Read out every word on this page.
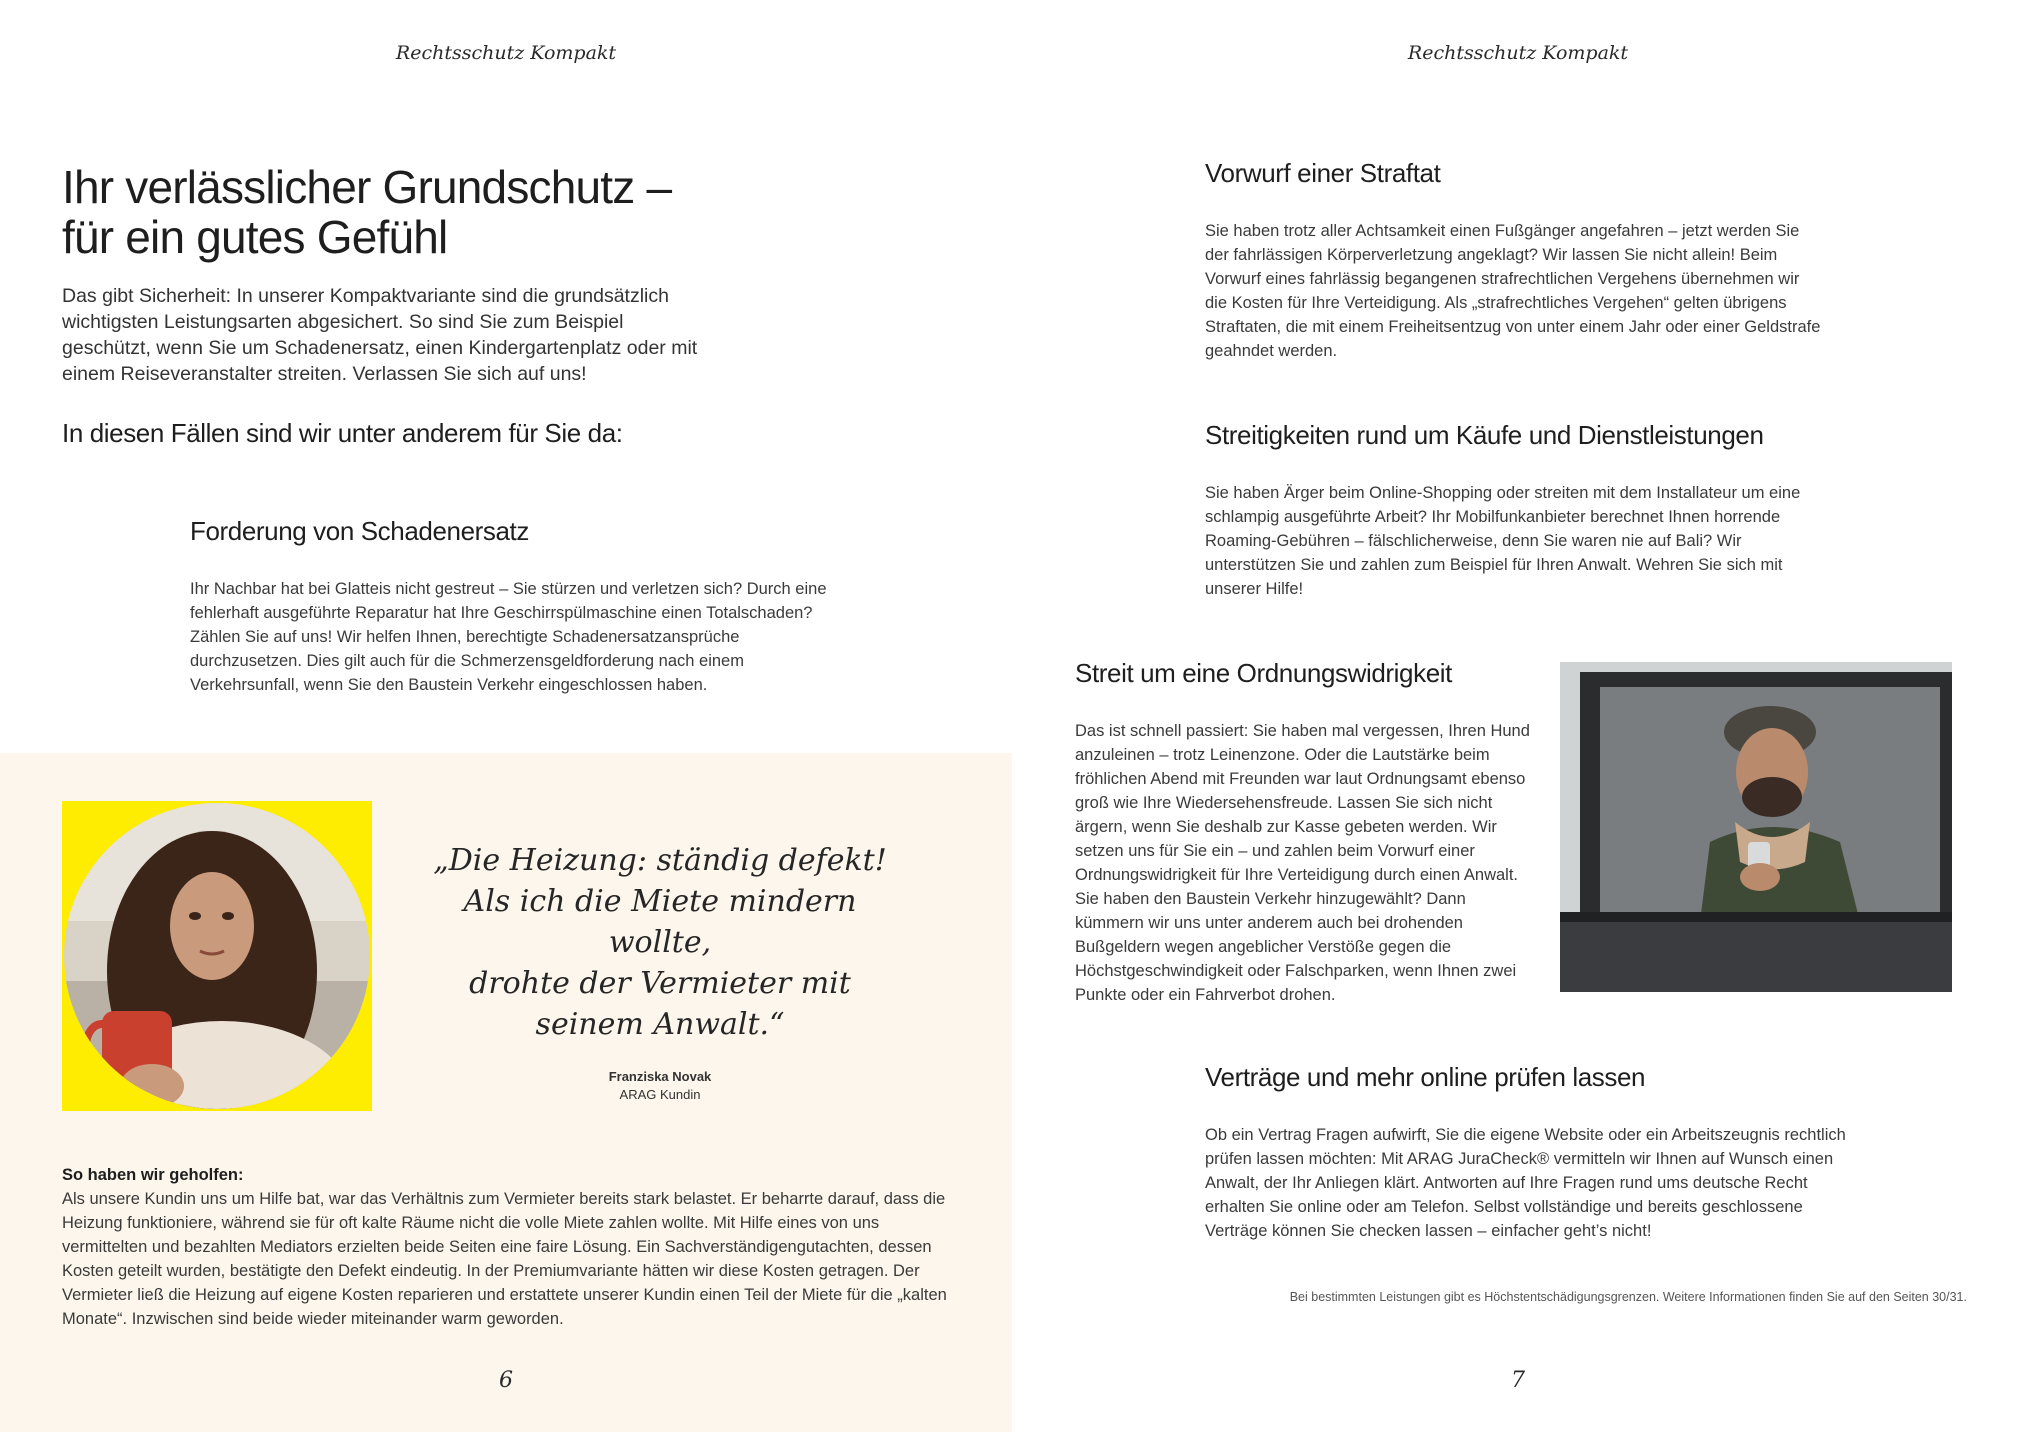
Rechtsschutz Kompakt
Ihr verlässlicher Grundschutz –
für ein gutes Gefühl

Das gibt Sicherheit: In unserer Kompaktvariante sind die grundsätzlich wichtigsten Leistungsarten abgesichert. So sind Sie zum Beispiel geschützt, wenn Sie um Schadenersatz, einen Kindergartenplatz oder mit einem Reiseveranstalter streiten. Verlassen Sie sich auf uns!

In diesen Fällen sind wir unter anderem für Sie da:
Forderung von Schadenersatz

Ihr Nachbar hat bei Glatteis nicht gestreut – Sie stürzen und verletzen sich? Durch eine fehlerhaft ausgeführte Reparatur hat Ihre Geschirrspülmaschine einen Totalschaden? Zählen Sie auf uns! Wir helfen Ihnen, berechtigte Schadenersatzansprüche durchzusetzen. Dies gilt auch für die Schmerzensgeldforderung nach einem Verkehrsunfall, wenn Sie den Baustein Verkehr eingeschlossen haben.

„Die Heizung: ständig defekt!
Als ich die Miete mindern wollte,
drohte der Vermieter mit
seinem Anwalt.“

Franziska Novak

ARAG Kundin

So haben wir geholfen:

Als unsere Kundin uns um Hilfe bat, war das Verhältnis zum Vermieter bereits stark belastet. Er beharrte darauf, dass die Heizung funktioniere, während sie für oft kalte Räume nicht die volle Miete zahlen wollte. Mit Hilfe eines von uns vermittelten und bezahlten Mediators erzielten beide Seiten eine faire Lösung. Ein Sachverständigengutachten, dessen Kosten geteilt wurden, bestätigte den Defekt eindeutig. In der Premiumvariante hätten wir diese Kosten getragen. Der Vermieter ließ die Heizung auf eigene Kosten reparieren und erstattete unserer Kundin einen Teil der Miete für die „kalten Monate“. Inzwischen sind beide wieder miteinander warm geworden.

6
Rechtsschutz Kompakt
Vorwurf einer Straftat

Sie haben trotz aller Achtsamkeit einen Fußgänger angefahren – jetzt werden Sie der fahrlässigen Körperverletzung angeklagt? Wir lassen Sie nicht allein! Beim Vorwurf eines fahrlässig begangenen strafrechtlichen Vergehens übernehmen wir die Kosten für Ihre Verteidigung. Als „strafrechtliches Vergehen“ gelten übrigens Straftaten, die mit einem Freiheitsentzug von unter einem Jahr oder einer Geldstrafe geahndet werden.

Streitigkeiten rund um Käufe und Dienstleistungen

Sie haben Ärger beim Online-Shopping oder streiten mit dem Installateur um eine schlampig ausgeführte Arbeit? Ihr Mobilfunkanbieter berechnet Ihnen horrende Roaming-Gebühren – fälschlicherweise, denn Sie waren nie auf Bali? Wir unterstützen Sie und zahlen zum Beispiel für Ihren Anwalt. Wehren Sie sich mit unserer Hilfe!

Streit um eine Ordnungswidrigkeit

Das ist schnell passiert: Sie haben mal vergessen, Ihren Hund anzuleinen – trotz Leinenzone. Oder die Lautstärke beim fröhlichen Abend mit Freunden war laut Ordnungsamt ebenso groß wie Ihre Wiedersehensfreude. Lassen Sie sich nicht ärgern, wenn Sie deshalb zur Kasse gebeten werden. Wir setzen uns für Sie ein – und zahlen beim Vorwurf einer Ordnungswidrigkeit für Ihre Verteidigung durch einen Anwalt. Sie haben den Baustein Verkehr hinzugewählt? Dann kümmern wir uns unter anderem auch bei drohenden Bußgeldern wegen angeblicher Verstöße gegen die Höchstgeschwindigkeit oder Falschparken, wenn Ihnen zwei Punkte oder ein Fahrverbot drohen.

Verträge und mehr online prüfen lassen

Ob ein Vertrag Fragen aufwirft, Sie die eigene Website oder ein Arbeitszeugnis rechtlich prüfen lassen möchten: Mit ARAG JuraCheck® vermitteln wir Ihnen auf Wunsch einen Anwalt, der Ihr Anliegen klärt. Antworten auf Ihre Fragen rund ums deutsche Recht erhalten Sie online oder am Telefon. Selbst vollständige und bereits geschlossene Verträge können Sie checken lassen – einfacher geht’s nicht!

Bei bestimmten Leistungen gibt es Höchstentschädigungsgrenzen. Weitere Informationen finden Sie auf den Seiten 30/31.

7
